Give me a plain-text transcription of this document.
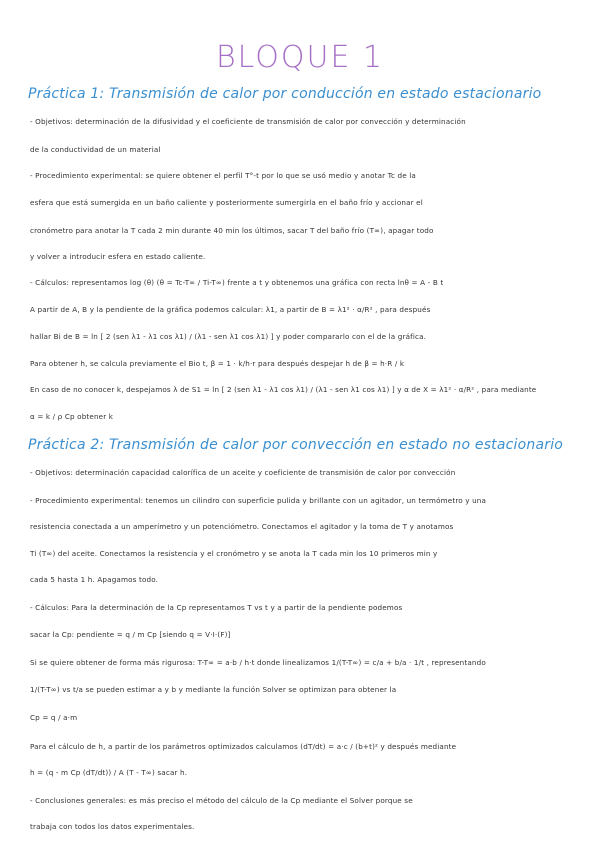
BLOQUE 1
Práctica 1: Transmisión de calor por conducción en estado estacionario
- Objetivos: determinación de la difusividad y el coeficiente de transmisión de calor por convección y determinación
de la conductividad de un material
- Procedimiento experimental: se quiere obtener el perfil T°-t por lo que se usó medio y anotar Tc de la
esfera que está sumergida en un baño caliente y posteriormente sumergirla en el baño frío y accionar el
cronómetro para anotar la T cada 2 min durante 40 min los últimos, sacar T del baño frío (T∞), apagar todo
y volver a introducir esfera en estado caliente.
- Cálculos: representamos log (θ) (θ = Tc-T∞ / Ti-T∞) frente a t y obtenemos una gráfica con recta lnθ = A - B t
A partir de A, B y la pendiente de la gráfica podemos calcular: λ1, a partir de B = λ1² · α/R² , para después
hallar Bi de B = ln [ 2 (sen λ1 - λ1 cos λ1) / (λ1 - sen λ1 cos λ1) ] y poder compararlo con el de la gráfica.
Para obtener h, se calcula previamente el Bio t, β = 1 · k/h·r para después despejar h de β = h·R / k
En caso de no conocer k, despejamos λ de S1 = ln [ 2 (sen λ1 - λ1 cos λ1) / (λ1 - sen λ1 cos λ1) ] y α de X = λ1² · α/R² , para mediante
α = k / ρ Cp obtener k
Práctica 2: Transmisión de calor por convección en estado no estacionario
- Objetivos: determinación capacidad calorífica de un aceite y coeficiente de transmisión de calor por convección
- Procedimiento experimental: tenemos un cilindro con superficie pulida y brillante con un agitador, un termómetro y una
resistencia conectada a un amperímetro y un potenciómetro. Conectamos el agitador y la toma de T y anotamos
Ti (T∞) del aceite. Conectamos la resistencia y el cronómetro y se anota la T cada min los 10 primeros min y
cada 5 hasta 1 h. Apagamos todo.
- Cálculos: Para la determinación de la Cp representamos T vs t y a partir de la pendiente podemos
sacar la Cp: pendiente = q / m Cp [siendo q = V·I·(F)]
Si se quiere obtener de forma más rigurosa: T-T∞ = a·b / h·t donde linealizamos 1/(T-T∞) = c/a + b/a · 1/t , representando
1/(T-T∞) vs t/a se pueden estimar a y b y mediante la función Solver se optimizan para obtener la
Cp = q / a·m
Para el cálculo de h, a partir de los parámetros optimizados calculamos (dT/dt) = a·c / (b+t)² y después mediante
h = (q - m Cp (dT/dt)) / A (T - T∞) sacar h.
- Conclusiones generales: es más preciso el método del cálculo de la Cp mediante el Solver porque se
trabaja con todos los datos experimentales.
